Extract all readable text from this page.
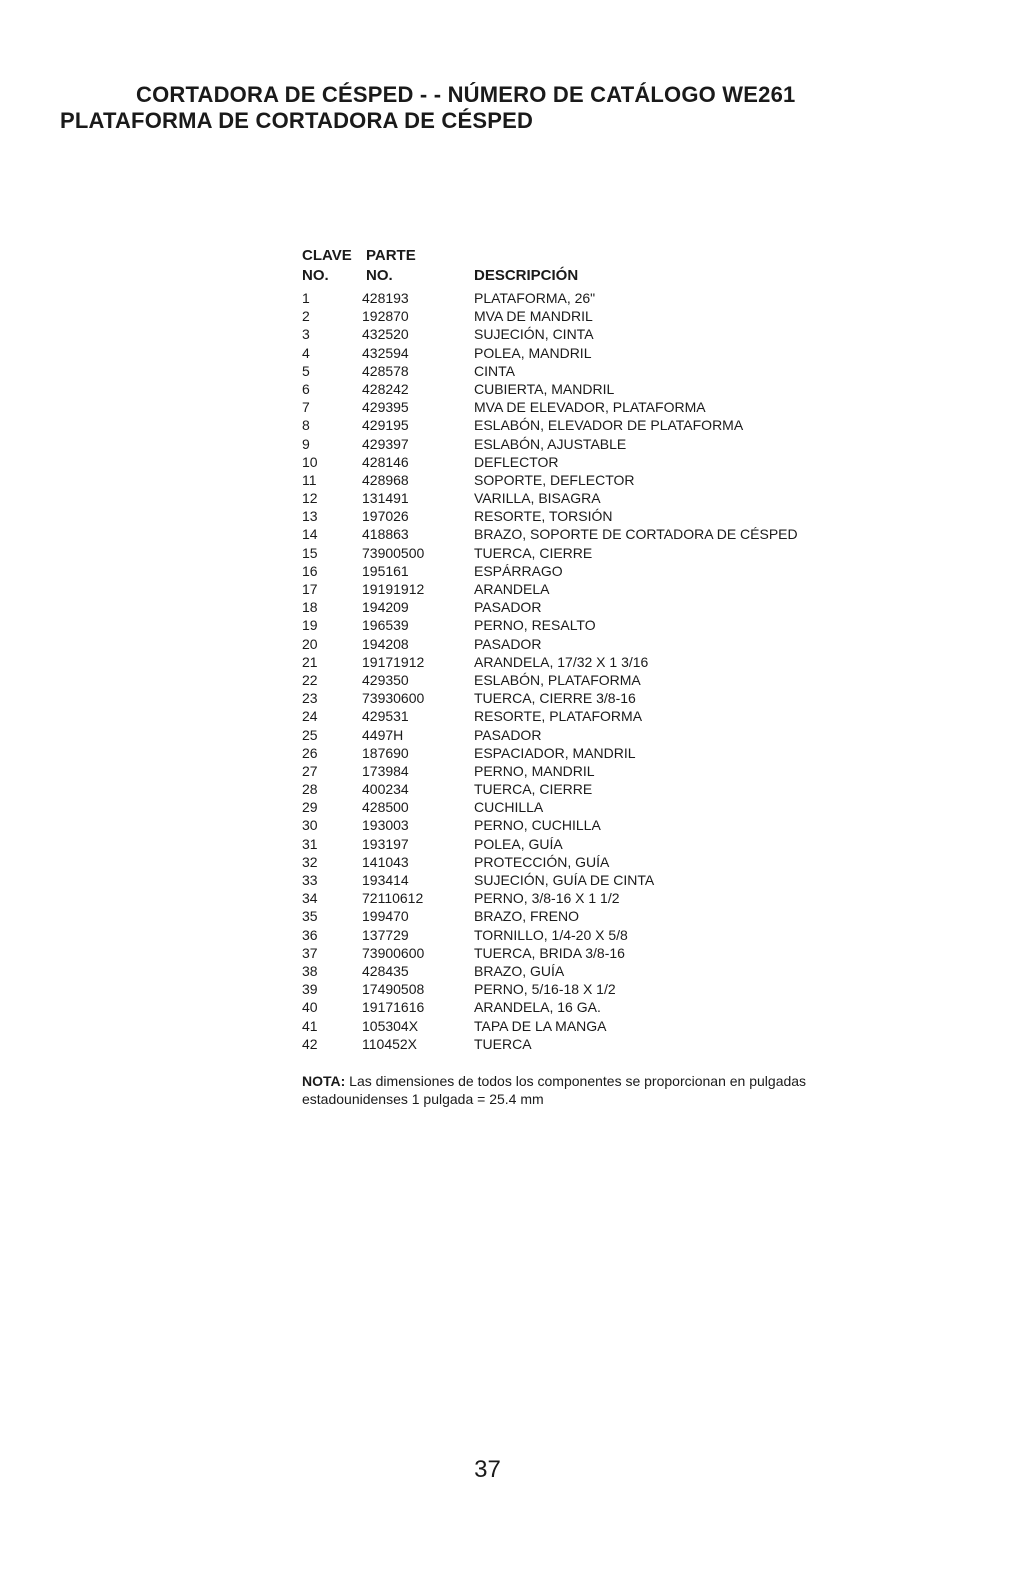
CORTADORA DE CÉSPED - - NÚMERO DE CATÁLOGO WE261
PLATAFORMA DE CORTADORA DE CÉSPED
CLAVE PARTE
NO. NO.	DESCRIPCIÓN
1	428193	PLATAFORMA, 26"
2	192870	MVA DE MANDRIL
3	432520	SUJECIÓN, CINTA
4	432594	POLEA, MANDRIL
5	428578	CINTA
6	428242	CUBIERTA, MANDRIL
7	429395	MVA DE ELEVADOR, PLATAFORMA
8	429195	ESLABÓN, ELEVADOR DE PLATAFORMA
9	429397	ESLABÓN, AJUSTABLE
10	428146	DEFLECTOR
11	428968	SOPORTE, DEFLECTOR
12	131491	VARILLA, BISAGRA
13	197026	RESORTE, TORSIÓN
14	418863	BRAZO, SOPORTE DE CORTADORA DE CÉSPED
15	73900500	TUERCA, CIERRE
16	195161	ESPÁRRAGO
17	19191912	ARANDELA
18	194209	PASADOR
19	196539	PERNO, RESALTO
20	194208	PASADOR
21	19171912	ARANDELA, 17/32 X 1 3/16
22	429350	ESLABÓN, PLATAFORMA
23	73930600	TUERCA, CIERRE 3/8-16
24	429531	RESORTE, PLATAFORMA
25	4497H	PASADOR
26	187690	ESPACIADOR, MANDRIL
27	173984	PERNO, MANDRIL
28	400234	TUERCA, CIERRE
29	428500	CUCHILLA
30	193003	PERNO, CUCHILLA
31	193197	POLEA, GUÍA
32	141043	PROTECCIÓN, GUÍA
33	193414	SUJECIÓN, GUÍA DE CINTA
34	72110612	PERNO, 3/8-16 X 1 1/2
35	199470	BRAZO, FRENO
36	137729	TORNILLO, 1/4-20 X 5/8
37	73900600	TUERCA, BRIDA 3/8-16
38	428435	BRAZO, GUÍA
39	17490508	PERNO, 5/16-18 X 1/2
40	19171616	ARANDELA, 16 GA.
41	105304X	TAPA DE LA MANGA
42	110452X	TUERCA
NOTA: Las dimensiones de todos los componentes se proporcionan en pulgadas estadounidenses 1 pulgada = 25.4 mm
37
